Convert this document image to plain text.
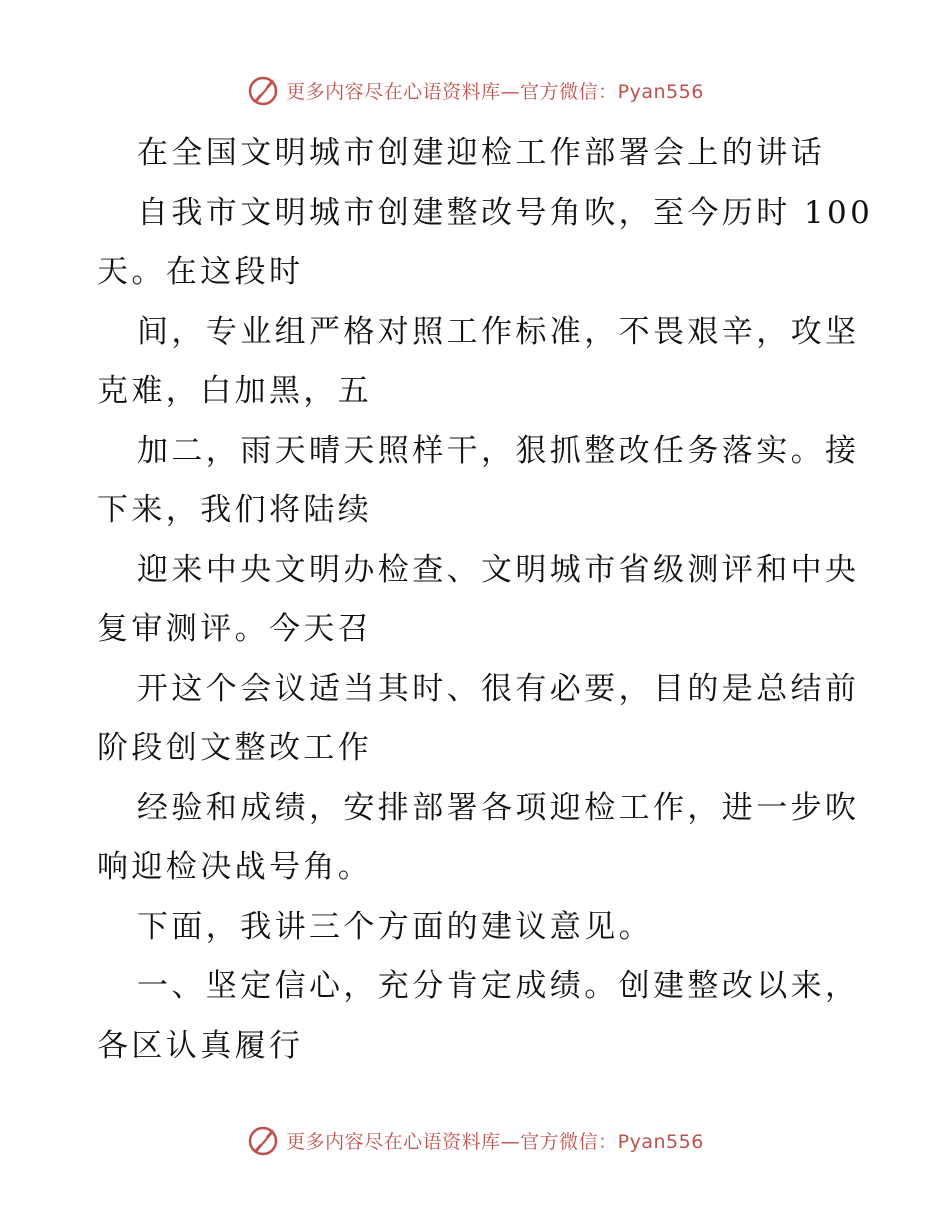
更多内容尽在心语资料库—官方微信：Pyan556
在全国文明城市创建迎检工作部署会上的讲话
自我市文明城市创建整改号角吹，至今历时 100
天。在这段时
间，专业组严格对照工作标准，不畏艰辛，攻坚
克难，白加黑，五
加二，雨天晴天照样干，狠抓整改任务落实。接
下来，我们将陆续
迎来中央文明办检查、文明城市省级测评和中央
复审测评。今天召
开这个会议适当其时、很有必要，目的是总结前
阶段创文整改工作
经验和成绩，安排部署各项迎检工作，进一步吹
响迎检决战号角。
下面，我讲三个方面的建议意见。
一、坚定信心，充分肯定成绩。创建整改以来，
各区认真履行
更多内容尽在心语资料库—官方微信：Pyan556
